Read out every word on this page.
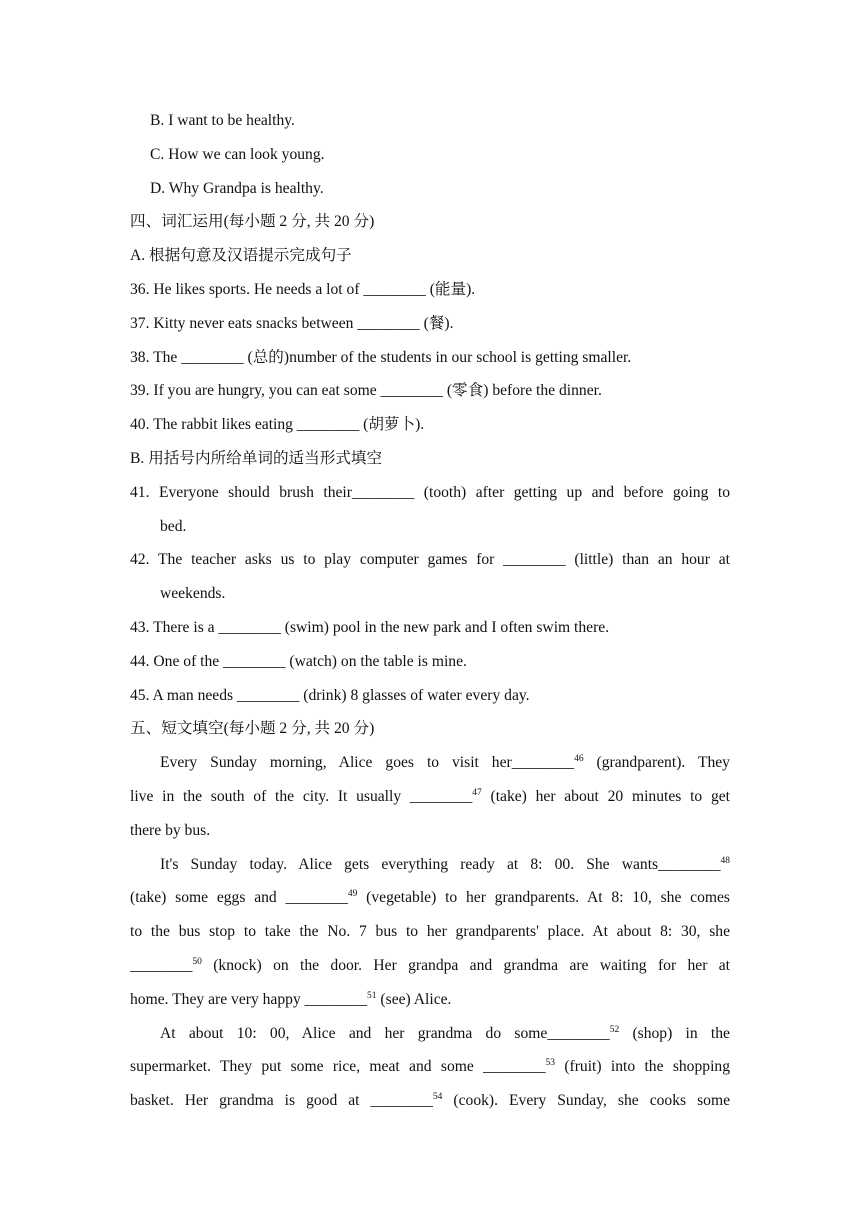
B. I want to be healthy.

C. How we can look young.

D. Why Grandpa is healthy.

四、词汇运用(每小题 2 分, 共 20 分)

A. 根据句意及汉语提示完成句子

36. He likes sports. He needs a lot of ________ (能量).

37. Kitty never eats snacks between ________ (餐).

38. The ________ (总的)number of the students in our school is getting smaller.

39. If you are hungry, you can eat some ________ (零食) before the dinner.

40. The rabbit likes eating ________ (胡萝卜).

B. 用括号内所给单词的适当形式填空

41. Everyone should brush their________ (tooth) after getting up and before going to

bed.

42. The teacher asks us to play computer games for ________ (little) than an hour at

weekends.

43. There is a ________ (swim) pool in the new park and I often swim there.

44. One of the ________ (watch) on the table is mine.

45. A man needs ________ (drink) 8 glasses of water every day.

五、短文填空(每小题 2 分, 共 20 分)

Every Sunday morning, Alice goes to visit her________$^{46}$ (grandparent). They

live in the south of the city. It usually ________$^{47}$ (take) her about 20 minutes to get

there by bus.

It's Sunday today. Alice gets everything ready at 8: 00. She wants________$^{48}$

(take) some eggs and ________$^{49}$ (vegetable) to her grandparents. At 8: 10, she comes

to the bus stop to take the No. 7 bus to her grandparents' place. At about 8: 30, she

________$^{50}$ (knock) on the door. Her grandpa and grandma are waiting for her at

home. They are very happy ________$^{51}$ (see) Alice.

At about 10: 00, Alice and her grandma do some________$^{52}$ (shop) in the

supermarket. They put some rice, meat and some ________$^{53}$ (fruit) into the shopping

basket. Her grandma is good at ________$^{54}$ (cook). Every Sunday, she cooks some
